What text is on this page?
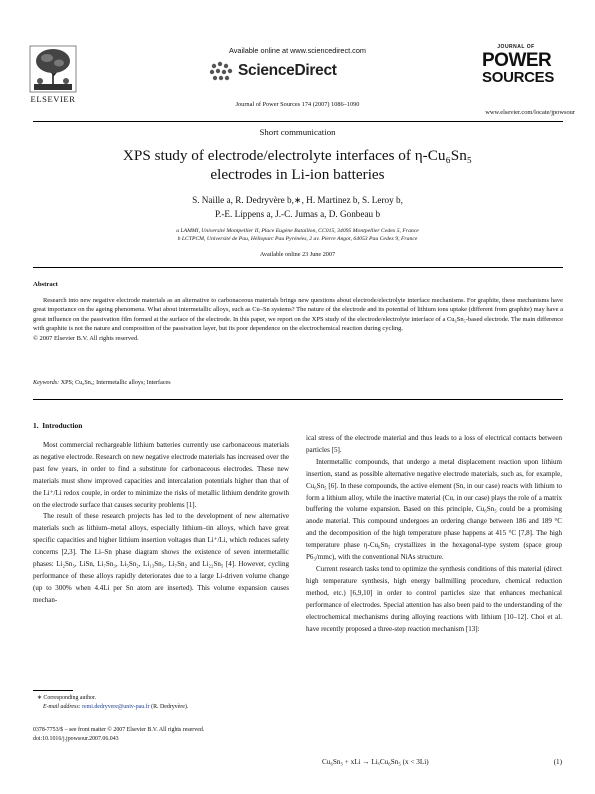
ELSEVIER
Available online at www.sciencedirect.com
ScienceDirect
Journal of Power Sources 174 (2007) 1086–1090
JOURNAL OF
POWER
SOURCES
www.elsevier.com/locate/jpowsour
Short communication
XPS study of electrode/electrolyte interfaces of η-Cu₆Sn₅
electrodes in Li-ion batteries
S. Naille a, R. Dedryvère b,∗, H. Martinez b, S. Leroy b,
P.-E. Lippens a, J.-C. Jumas a, D. Gonbeau b
a LAMMI, Université Montpellier II, Place Eugène Bataillon, CC015, 34095 Montpellier Cedex 5, France
b LCTPCM, Université de Pau, Hélioparc Pau Pyrénées, 2 av. Pierre Angot, 64053 Pau Cedex 9, France
Available online 23 June 2007
Abstract

Research into new negative electrode materials as an alternative to carbonaceous materials brings new questions about electrode/electrolyte interface mechanisms. For graphite, these mechanisms have great importance on the ageing phenomena. What about intermetallic alloys, such as Cu–Sn systems? The nature of the electrode and its potential of lithium ions uptake (different from graphite) may have a great influence on the passivation film formed at the surface of the electrode. In this paper, we report on the XPS study of the electrode/electrolyte interface of a Cu₆Sn₅-based electrode. The main difference with graphite is not the nature and composition of the passivation layer, but its poor dependence on the electrochemical reaction during cycling.

© 2007 Elsevier B.V. All rights reserved.
Keywords: XPS; Cu₆Sn₅; Intermetallic alloys; Interfaces
1. Introduction

Most commercial rechargeable lithium batteries currently use carbonaceous materials as negative electrode. Research on new negative electrode materials has increased over the past few years, in order to find a substitute for carbonaceous electrodes. These new materials must show improved capacities and intercalation potentials higher than that of the Li⁺/Li redox couple, in order to minimize the risks of metallic lithium dendrite growth on the electrode surface that causes security problems [1].

The result of these research projects has led to the development of new alternative materials such as lithium–metal alloys, especially lithium–tin alloys, which have great specific capacities and higher lithium insertion voltages than Li⁺/Li, which reduces safety concerns [2,3]. The Li–Sn phase diagram shows the existence of seven intermetallic phases: Li₂Sn₅, LiSn, Li₇Sn₃, Li₅Sn₂, Li₁₃Sn₅, Li₇Sn₂ and Li₂₂Sn₅ [4]. However, cycling performance of these alloys rapidly deteriorates due to a large Li-driven volume change (up to 300% when 4.4Li per Sn atom are inserted). This volume expansion causes mechan-

ical stress of the electrode material and thus leads to a loss of electrical contacts between particles [5].

Intermetallic compounds, that undergo a metal displacement reaction upon lithium insertion, stand as possible alternative negative electrode materials, such as, for example, Cu₆Sn₅ [6]. In these compounds, the active element (Sn, in our case) reacts with lithium to form a lithium alloy, while the inactive material (Cu, in our case) plays the role of a matrix buffering the volume expansion. Based on this principle, Cu₆Sn₅ could be a promising anode material. This compound undergoes an ordering change between 186 and 189 °C and the decomposition of the high temperature phase happens at 415 °C [7,8]. The high temperature phase η-Cu₆Sn₅ crystallizes in the hexagonal-type system (space group P6₃/mmc), with the conventional NiAs structure.

Current research tasks tend to optimize the synthesis conditions of this material (direct high temperature synthesis, high energy ballmilling procedure, chemical reduction method, etc.) [6,9,10] in order to control particles size that enhances mechanical performance of electrodes. Special attention has also been paid to the understanding of the electrochemical mechanisms during alloying reactions with lithium [10–12]. Choi et al. have recently proposed a three-step reaction mechanism [13]:

Cu₆Sn₅ + xLi → LiₓCu₆Sn₅ (x < 3Li)	(1)
∗ Corresponding author.
E-mail address: remi.dedryvere@univ-pau.fr (R. Dedryvère).
0378-7753/$ – see front matter © 2007 Elsevier B.V. All rights reserved.
doi:10.1016/j.jpowsour.2007.06.043
